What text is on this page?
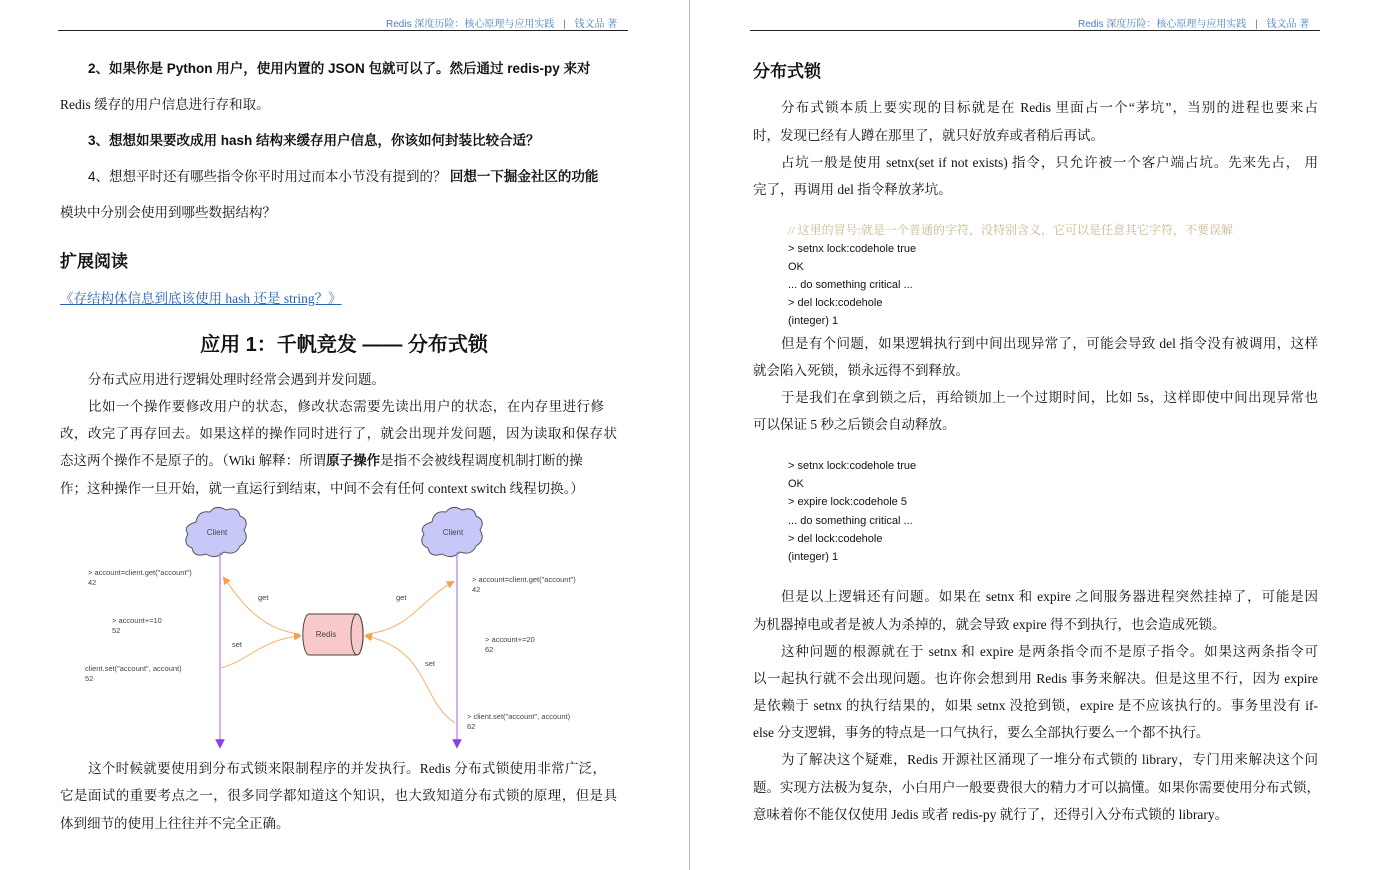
Redis 深度历险：核心原理与应用实践 | 钱文品 著
2、如果你是 Python 用户，使用内置的 JSON 包就可以了。然后通过 redis-py 来对
Redis 缓存的用户信息进行存和取。
3、想想如果要改成用 hash 结构来缓存用户信息，你该如何封装比较合适？
4、想想平时还有哪些指令你平时用过而本小节没有提到的？ 回想一下掘金社区的功能
模块中分别会使用到哪些数据结构？
扩展阅读
《存结构体信息到底该使用 hash 还是 string？》
应用 1：千帆竞发 —— 分布式锁
分布式应用进行逻辑处理时经常会遇到并发问题。
比如一个操作要修改用户的状态，修改状态需要先读出用户的状态，在内存里进行修
改，改完了再存回去。如果这样的操作同时进行了，就会出现并发问题，因为读取和保存状
态这两个操作不是原子的。（Wiki 解释：所谓原子操作是指不会被线程调度机制打断的操
作；这种操作一旦开始，就一直运行到结束，中间不会有任何 context switch 线程切换。）
Client	Client
Redis
get
set
get
set
> account=client.get("account")
42
> account+=10
52
client.set("account", account)
52
> account=client.get("account")
42
> account+=20
62
> client.set("account", account)
62
这个时候就要使用到分布式锁来限制程序的并发执行。Redis 分布式锁使用非常广泛，
它是面试的重要考点之一，很多同学都知道这个知识，也大致知道分布式锁的原理，但是具
体到细节的使用上往往并不完全正确。
Redis 深度历险：核心原理与应用实践 | 钱文品 著
分布式锁
分布式锁本质上要实现的目标就是在 Redis 里面占一个“茅坑”，当别的进程也要来占
时，发现已经有人蹲在那里了，就只好放弃或者稍后再试。
占坑一般是使用 setnx(set if not exists) 指令，只允许被一个客户端占坑。先来先占， 用
完了，再调用 del 指令释放茅坑。
// 这里的冒号:就是一个普通的字符，没特别含义，它可以是任意其它字符，不要误解
> setnx lock:codehole true
OK
... do something critical ...
> del lock:codehole
(integer) 1
但是有个问题，如果逻辑执行到中间出现异常了，可能会导致 del 指令没有被调用，这样
就会陷入死锁，锁永远得不到释放。
于是我们在拿到锁之后，再给锁加上一个过期时间，比如 5s，这样即使中间出现异常也
可以保证 5 秒之后锁会自动释放。
> setnx lock:codehole true
OK
> expire lock:codehole 5
... do something critical ...
> del lock:codehole
(integer) 1
但是以上逻辑还有问题。如果在 setnx 和 expire 之间服务器进程突然挂掉了，可能是因
为机器掉电或者是被人为杀掉的，就会导致 expire 得不到执行，也会造成死锁。
这种问题的根源就在于 setnx 和 expire 是两条指令而不是原子指令。如果这两条指令可
以一起执行就不会出现问题。也许你会想到用 Redis 事务来解决。但是这里不行，因为 expire
是依赖于 setnx 的执行结果的，如果 setnx 没抢到锁，expire 是不应该执行的。事务里没有 if-
else 分支逻辑，事务的特点是一口气执行，要么全部执行要么一个都不执行。
为了解决这个疑难，Redis 开源社区涌现了一堆分布式锁的 library，专门用来解决这个问
题。实现方法极为复杂，小白用户一般要费很大的精力才可以搞懂。如果你需要使用分布式锁，
意味着你不能仅仅使用 Jedis 或者 redis-py 就行了，还得引入分布式锁的 library。
